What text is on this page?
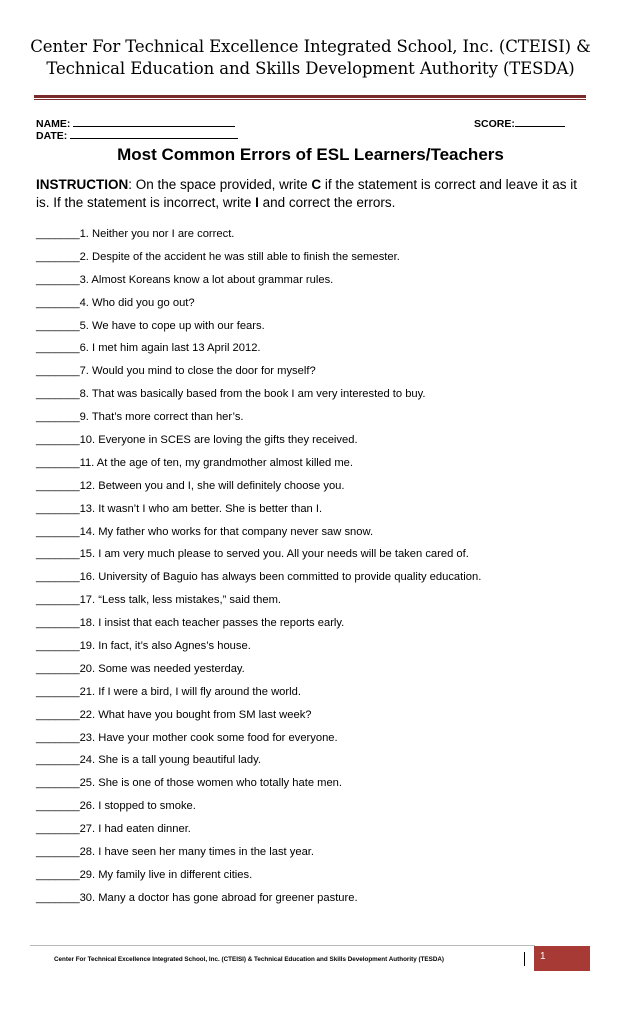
Center For Technical Excellence Integrated School, Inc. (CTEISI) &
Technical Education and Skills Development Authority (TESDA)
NAME:
DATE:
SCORE:
Most Common Errors of ESL Learners/Teachers
INSTRUCTION: On the space provided, write C if the statement is correct and leave it as it is. If the statement is incorrect, write I and correct the errors.
_______1. Neither you nor I are correct.
_______2. Despite of the accident he was still able to finish the semester.
_______3. Almost Koreans know a lot about grammar rules.
_______4. Who did you go out?
_______5. We have to cope up with our fears.
_______6. I met him again last 13 April 2012.
_______7. Would you mind to close the door for myself?
_______8. That was basically based from the book I am very interested to buy.
_______9. That’s more correct than her’s.
_______10. Everyone in SCES are loving the gifts they received.
_______11. At the age of ten, my grandmother almost killed me.
_______12. Between you and I, she will definitely choose you.
_______13. It wasn’t I who am better. She is better than I.
_______14. My father who works for that company never saw snow.
_______15. I am very much please to served you. All your needs will be taken cared of.
_______16. University of Baguio has always been committed to provide quality education.
_______17. “Less talk, less mistakes,” said them.
_______18. I insist that each teacher passes the reports early.
_______19. In fact, it’s also Agnes’s house.
_______20. Some was needed yesterday.
_______21. If I were a bird, I will fly around the world.
_______22. What have you bought from SM last week?
_______23. Have your mother cook some food for everyone.
_______24. She is a tall young beautiful lady.
_______25. She is one of those women who totally hate men.
_______26. I stopped to smoke.
_______27. I had eaten dinner.
_______28. I have seen her many times in the last year.
_______29. My family live in different cities.
_______30. Many a doctor has gone abroad for greener pasture.
Center For Technical Excellence Integrated School, Inc. (CTEISI) & Technical Education and Skills Development Authority (TESDA)	1
